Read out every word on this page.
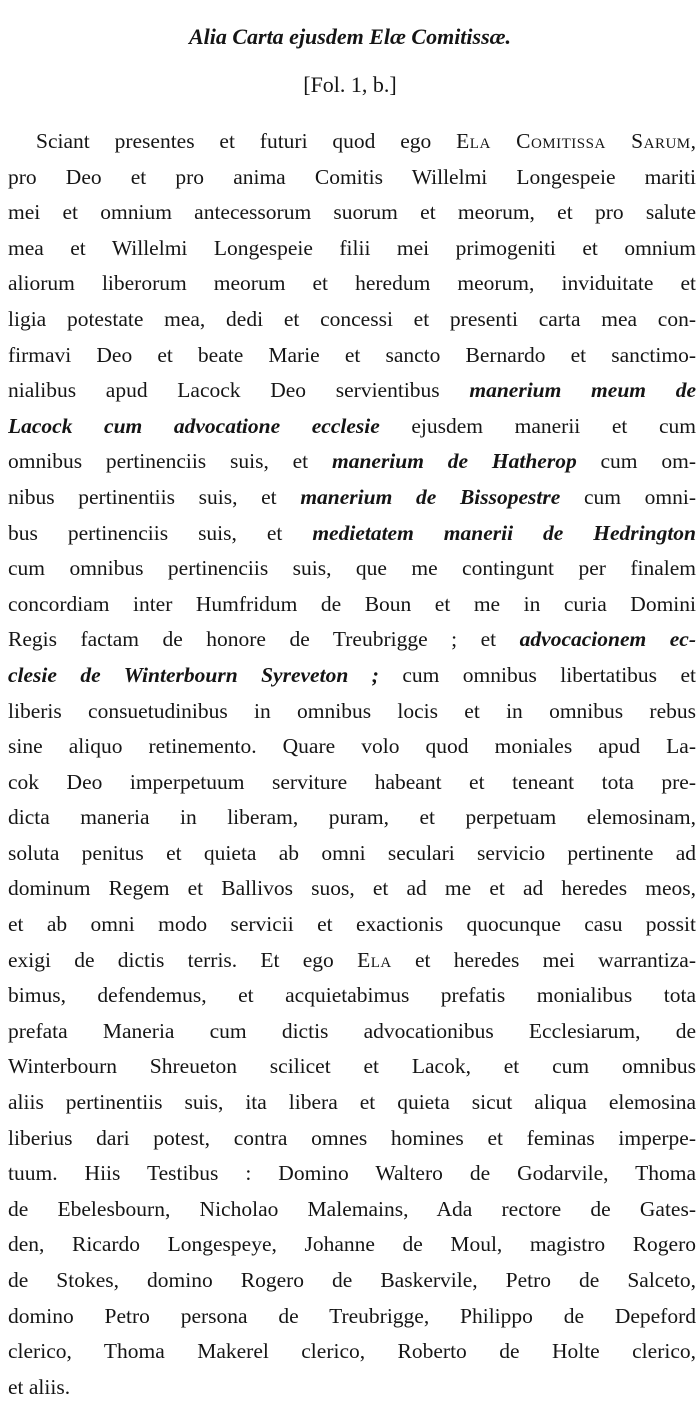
Alia Carta ejusdem Elæ Comitissæ.
[Fol. 1, b.]
Sciant presentes et futuri quod ego Ela Comitissa Sarum,
pro Deo et pro anima Comitis Willelmi Longespeie mariti
mei et omnium antecessorum suorum et meorum, et pro salute
mea et Willelmi Longespeie filii mei primogeniti et omnium
aliorum liberorum meorum et heredum meorum, inviduitate et
ligia potestate mea, dedi et concessi et presenti carta mea con-
firmavi Deo et beate Marie et sancto Bernardo et sanctimo-
nialibus apud Lacock Deo servientibus manerium meum de
Lacock cum advocatione ecclesie ejusdem manerii et cum
omnibus pertinenciis suis, et manerium de Hatherop cum om-
nibus pertinentiis suis, et manerium de Bissopestre cum omni-
bus pertinenciis suis, et medietatem manerii de Hedrington
cum omnibus pertinenciis suis, que me contingunt per finalem
concordiam inter Humfridum de Boun et me in curia Domini
Regis factam de honore de Treubrigge ; et advocacionem ec-
clesie de Winterbourn Syreveton ; cum omnibus libertatibus et
liberis consuetudinibus in omnibus locis et in omnibus rebus
sine aliquo retinemento. Quare volo quod moniales apud La-
cok Deo imperpetuum serviture habeant et teneant tota pre-
dicta maneria in liberam, puram, et perpetuam elemosinam,
soluta penitus et quieta ab omni seculari servicio pertinente ad
dominum Regem et Ballivos suos, et ad me et ad heredes meos,
et ab omni modo servicii et exactionis quocunque casu possit
exigi de dictis terris. Et ego Ela et heredes mei warrantiza-
bimus, defendemus, et acquietabimus prefatis monialibus tota
prefata Maneria cum dictis advocationibus Ecclesiarum, de
Winterbourn Shreueton scilicet et Lacok, et cum omnibus
aliis pertinentiis suis, ita libera et quieta sicut aliqua elemosina
liberius dari potest, contra omnes homines et feminas imperpe-
tuum. Hiis Testibus : Domino Waltero de Godarvile, Thoma
de Ebelesbourn, Nicholao Malemains, Ada rectore de Gates-
den, Ricardo Longespeye, Johanne de Moul, magistro Rogero
de Stokes, domino Rogero de Baskervile, Petro de Salceto,
domino Petro persona de Treubrigge, Philippo de Depeford
clerico, Thoma Makerel clerico, Roberto de Holte clerico,
et aliis.
